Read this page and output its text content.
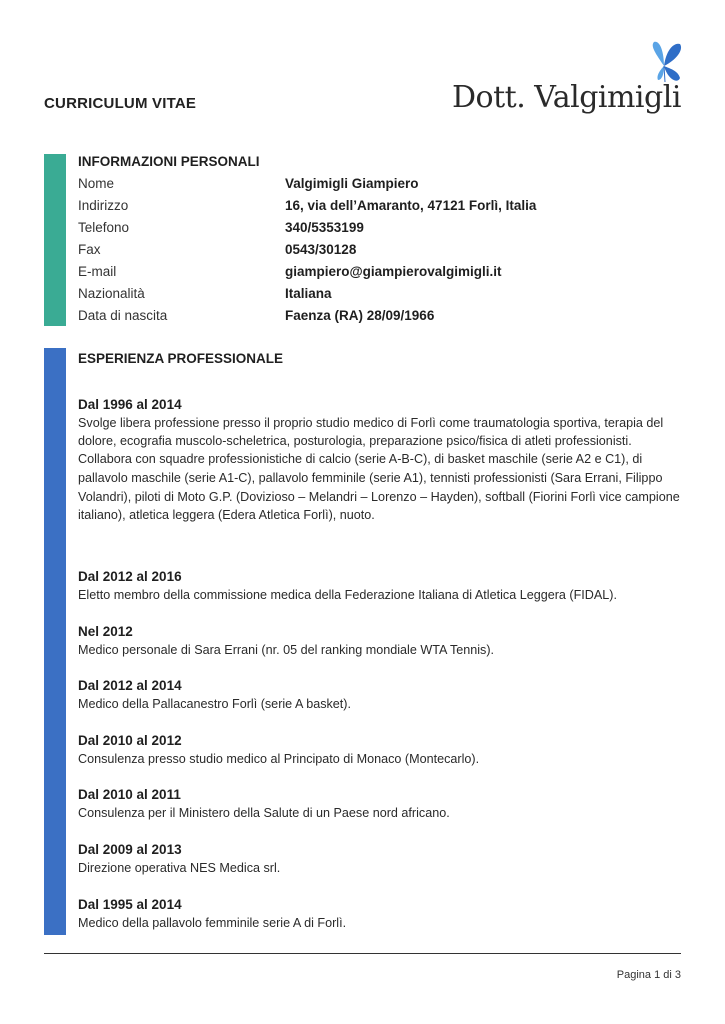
CURRICULUM VITAE	Dott. Valgimigli
INFORMAZIONI PERSONALI
Nome	Valgimigli Giampiero
Indirizzo	16, via dell’Amaranto, 47121 Forlì, Italia
Telefono	340/5353199
Fax	0543/30128
E-mail	giampiero@giampierovalgimigli.it
Nazionalità	Italiana
Data di nascita	Faenza (RA) 28/09/1966
ESPERIENZA PROFESSIONALE
Dal 1996 al 2014
Svolge libera professione presso il proprio studio medico di Forlì come traumatologia sportiva, terapia del dolore, ecografia muscolo-scheletrica, posturologia, preparazione psico/fisica di atleti professionisti.
Collabora con squadre professionistiche di calcio (serie A-B-C), di basket maschile (serie A2 e C1), di pallavolo maschile (serie A1-C), pallavolo femminile (serie A1), tennisti professionisti (Sara Errani, Filippo Volandri), piloti di Moto G.P. (Dovizioso – Melandri – Lorenzo – Hayden), softball (Fiorini Forlì vice campione italiano), atletica leggera (Edera Atletica Forlì), nuoto.
Dal 2012 al 2016
Eletto membro della commissione medica della Federazione Italiana di Atletica Leggera (FIDAL).
Nel 2012
Medico personale di Sara Errani (nr. 05 del ranking mondiale WTA Tennis).
Dal 2012 al 2014
Medico della Pallacanestro Forlì (serie A basket).
Dal 2010 al 2012
Consulenza presso studio medico al Principato di Monaco (Montecarlo).
Dal 2010 al 2011
Consulenza per il Ministero della Salute di un Paese nord africano.
Dal 2009 al 2013
Direzione operativa NES Medica srl.
Dal 1995 al 2014
Medico della pallavolo femminile serie A di Forlì.
Pagina 1 di 3
